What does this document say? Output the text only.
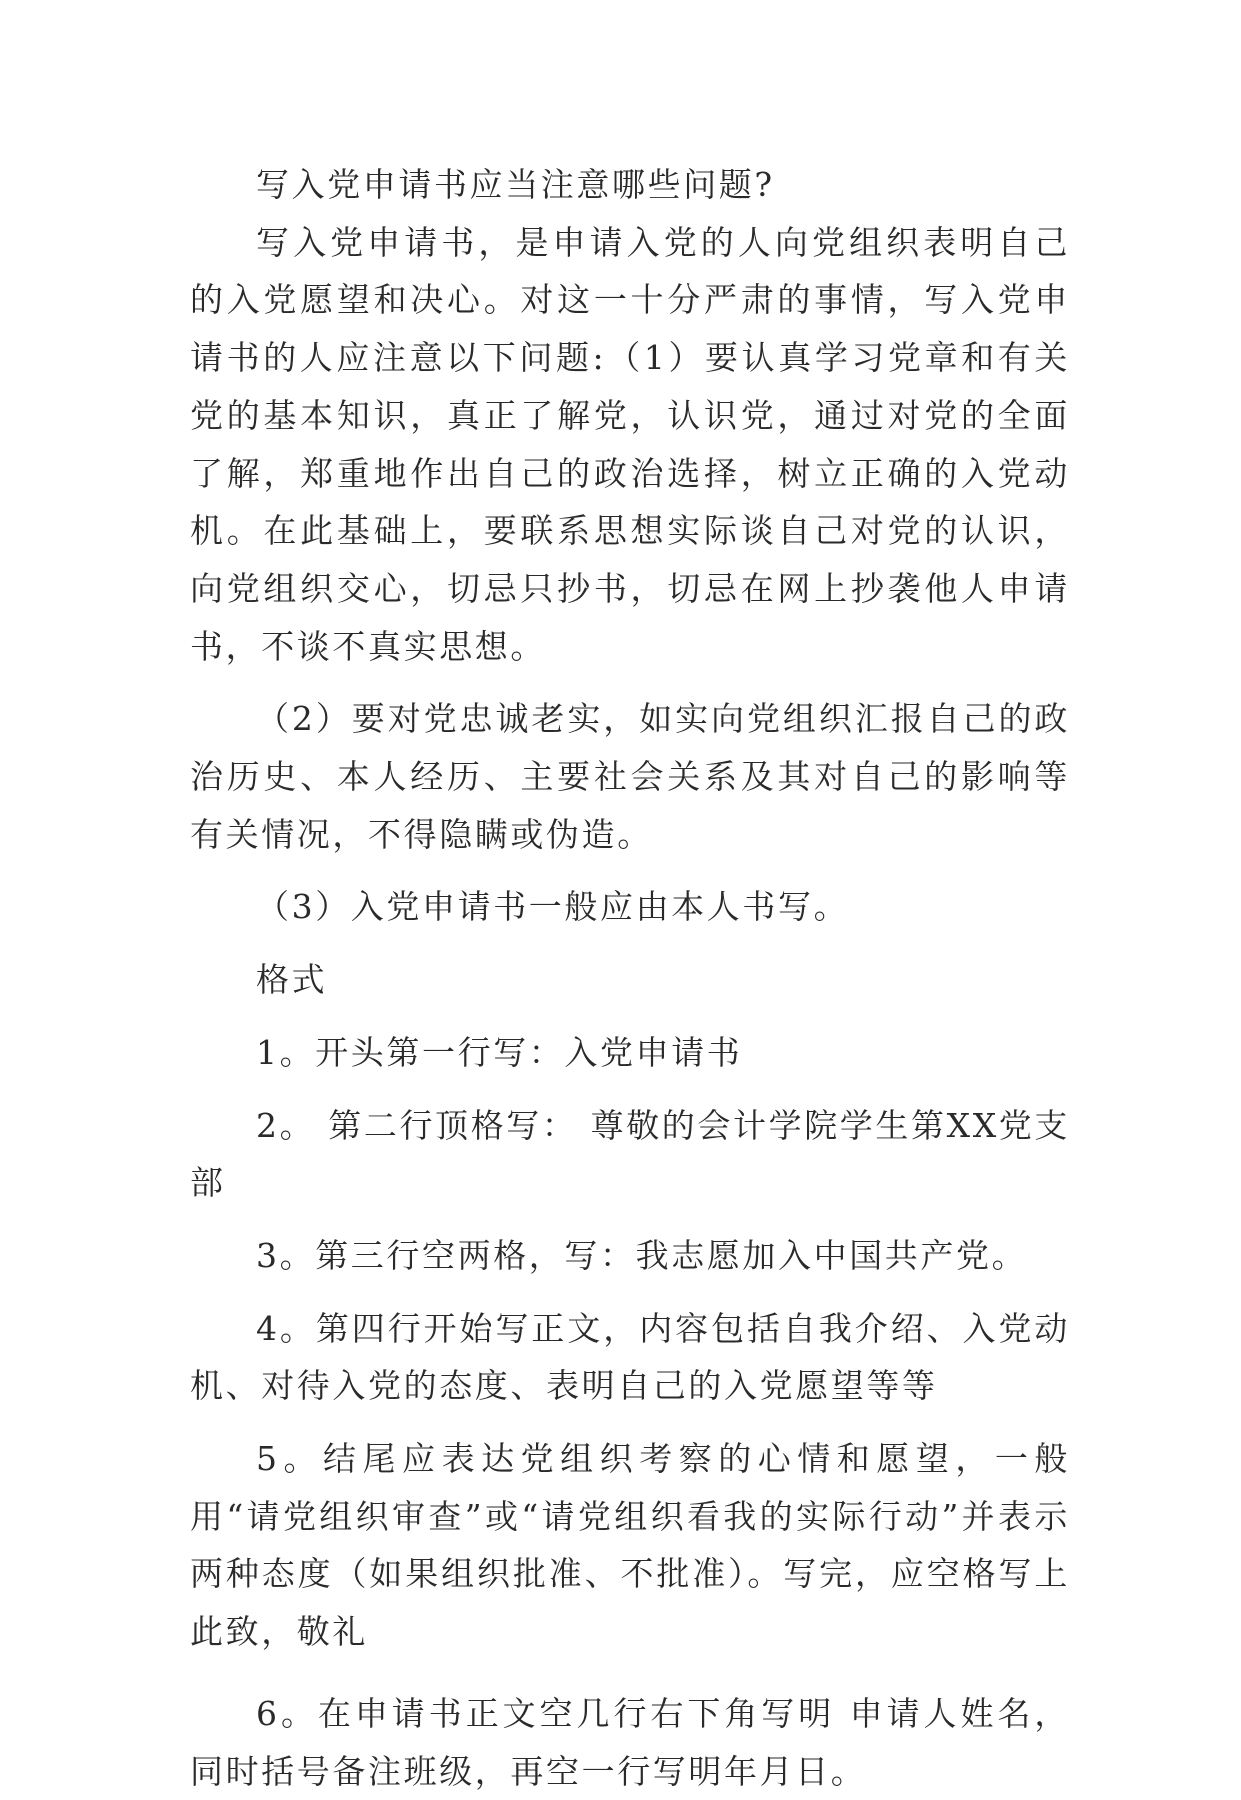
写入党申请书应当注意哪些问题?

写入党申请书，是申请入党的人向党组织表明自己的入党愿望和决心。对这一十分严肃的事情，写入党申请书的人应注意以下问题:（1）要认真学习党章和有关党的基本知识，真正了解党，认识党，通过对党的全面了解，郑重地作出自己的政治选择，树立正确的入党动机。在此基础上，要联系思想实际谈自己对党的认识，向党组织交心，切忌只抄书，切忌在网上抄袭他人申请书，不谈不真实思想。

（2）要对党忠诚老实，如实向党组织汇报自己的政治历史、本人经历、主要社会关系及其对自己的影响等有关情况，不得隐瞒或伪造。

（3）入党申请书一般应由本人书写。

格式

1。开头第一行写：入党申请书

2。 第二行顶格写： 尊敬的会计学院学生第XX党支部

3。第三行空两格，写：我志愿加入中国共产党。

4。第四行开始写正文，内容包括自我介绍、入党动机、对待入党的态度、表明自己的入党愿望等等

5。结尾应表达党组织考察的心情和愿望，一般用“请党组织审查”或“请党组织看我的实际行动”并表示两种态度（如果组织批准、不批准）。写完，应空格写上 此致，敬礼

6。在申请书正文空几行右下角写明 申请人姓名，同时括号备注班级，再空一行写明年月日。
